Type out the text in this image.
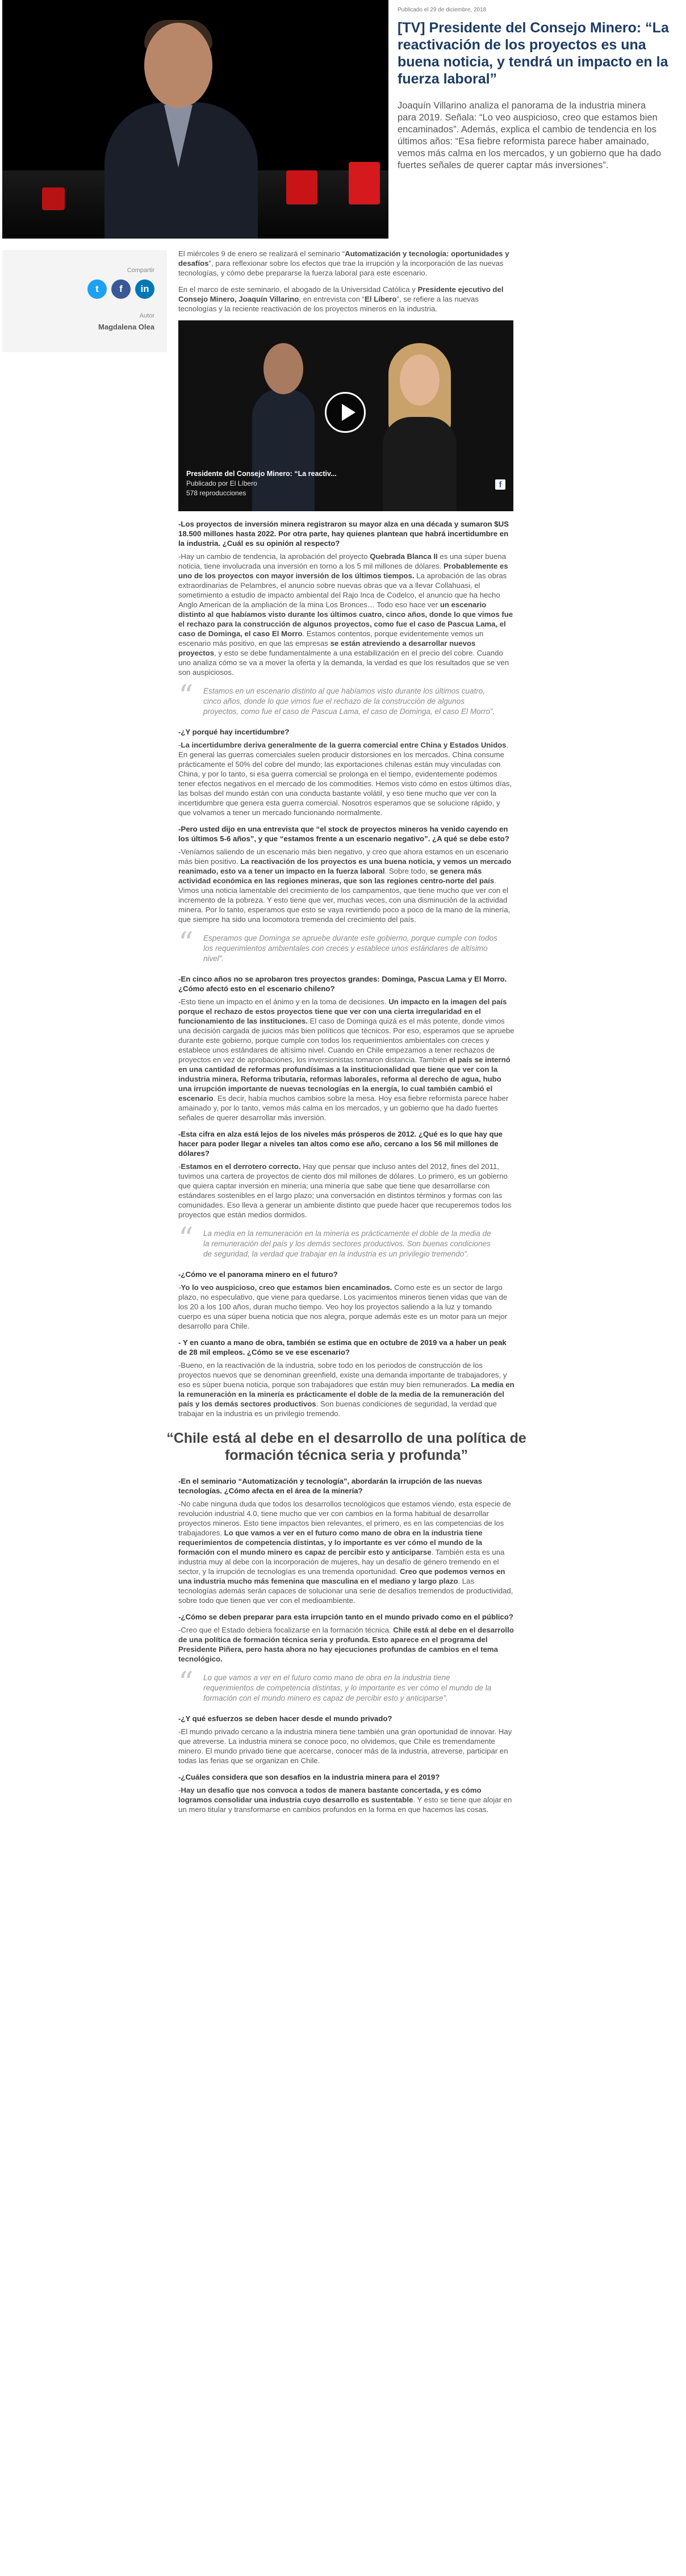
Publicado el 29 de diciembre, 2018
[TV] Presidente del Consejo Minero: “La reactivación de los proyectos es una buena noticia, y tendrá un impacto en la fuerza laboral”
Joaquín Villarino analiza el panorama de la industria minera para 2019. Señala: “Lo veo auspicioso, creo que estamos bien encaminados”. Además, explica el cambio de tendencia en los últimos años: “Esa fiebre reformista parece haber amainado, vemos más calma en los mercados, y un gobierno que ha dado fuertes señales de querer captar más inversiones”.
Compartir
t	f	in
Autor
Magdalena Olea

El miércoles 9 de enero se realizará el seminario “Automatización y tecnología: oportunidades y desafíos”, para reflexionar sobre los efectos que trae la irrupción y la incorporación de las nuevas tecnologías, y cómo debe prepararse la fuerza laboral para este escenario.

En el marco de este seminario, el abogado de la Universidad Católica y Presidente ejecutivo del Consejo Minero, Joaquín Villarino, en entrevista con “El Líbero”, se refiere a las nuevas tecnologías y la reciente reactivación de los proyectos mineros en la industria.

Presidente del Consejo Minero: “La reactiv...
Publicado por El Líbero
578 reproducciones
f

-Los proyectos de inversión minera registraron su mayor alza en una década y sumaron $US 18.500 millones hasta 2022. Por otra parte, hay quienes plantean que habrá incertidumbre en la industria. ¿Cuál es su opinión al respecto?

-Hay un cambio de tendencia, la aprobación del proyecto Quebrada Blanca II es una súper buena noticia, tiene involucrada una inversión en torno a los 5 mil millones de dólares. Probablemente es uno de los proyectos con mayor inversión de los últimos tiempos. La aprobación de las obras extraordinarias de Pelambres, el anuncio sobre nuevas obras que va a llevar Collahuasi, el sometimiento a estudio de impacto ambiental del Rajo Inca de Codelco, el anuncio que ha hecho Anglo American de la ampliación de la mina Los Bronces… Todo eso hace ver un escenario distinto al que habíamos visto durante los últimos cuatro, cinco años, donde lo que vimos fue el rechazo para la construcción de algunos proyectos, como fue el caso de Pascua Lama, el caso de Dominga, el caso El Morro. Estamos contentos, porque evidentemente vemos un escenario más positivo, en que las empresas se están atreviendo a desarrollar nuevos proyectos, y esto se debe fundamentalmente a una estabilización en el precio del cobre. Cuando uno analiza cómo se va a mover la oferta y la demanda, la verdad es que los resultados que se ven son auspiciosos.

“ Estamos en un escenario distinto al que habíamos visto durante los últimos cuatro, cinco años, donde lo que vimos fue el rechazo de la construcción de algunos proyectos, como fue el caso de Pascua Lama, el caso de Dominga, el caso El Morro”.

-¿Y porqué hay incertidumbre?

-La incertidumbre deriva generalmente de la guerra comercial entre China y Estados Unidos. En general las guerras comerciales suelen producir distorsiones en los mercados. China consume prácticamente el 50% del cobre del mundo; las exportaciones chilenas están muy vinculadas con China, y por lo tanto, si esa guerra comercial se prolonga en el tiempo, evidentemente podemos tener efectos negativos en el mercado de los commodities. Hemos visto cómo en estos últimos días, las bolsas del mundo están con una conducta bastante volátil, y eso tiene mucho que ver con la incertidumbre que genera esta guerra comercial. Nosotros esperamos que se solucione rápido, y que volvamos a tener un mercado funcionando normalmente.

-Pero usted dijo en una entrevista que “el stock de proyectos mineros ha venido cayendo en los últimos 5-6 años”, y que “estamos frente a un escenario negativo”. ¿A qué se debe esto?

-Veníamos saliendo de un escenario más bien negativo, y creo que ahora estamos en un escenario más bien positivo. La reactivación de los proyectos es una buena noticia, y vemos un mercado reanimado, esto va a tener un impacto en la fuerza laboral. Sobre todo, se genera más actividad económica en las regiones mineras, que son las regiones centro-norte del país. Vimos una noticia lamentable del crecimiento de los campamentos, que tiene mucho que ver con el incremento de la pobreza. Y esto tiene que ver, muchas veces, con una disminución de la actividad minera. Por lo tanto, esperamos que esto se vaya revirtiendo poco a poco de la mano de la minería, que siempre ha sido una locomotora tremenda del crecimiento del país.

“ Esperamos que Dominga se apruebe durante este gobierno, porque cumple con todos los requerimientos ambientales con creces y establece unos estándares de altísimo nivel”.

-En cinco años no se aprobaron tres proyectos grandes: Dominga, Pascua Lama y El Morro. ¿Cómo afectó esto en el escenario chileno?

-Esto tiene un impacto en el ánimo y en la toma de decisiones. Un impacto en la imagen del país porque el rechazo de estos proyectos tiene que ver con una cierta irregularidad en el funcionamiento de las instituciones. El caso de Dominga quizá es el más potente, donde vimos una decisión cargada de juicios más bien políticos que técnicos. Por eso, esperamos que se apruebe durante este gobierno, porque cumple con todos los requerimientos ambientales con creces y establece unos estándares de altísimo nivel. Cuando en Chile empezamos a tener rechazos de proyectos en vez de aprobaciones, los inversionistas tomaron distancia. También el país se internó en una cantidad de reformas profundísimas a la institucionalidad que tiene que ver con la industria minera. Reforma tributaria, reformas laborales, reforma al derecho de agua, hubo una irrupción importante de nuevas tecnologías en la energía, lo cual también cambió el escenario. Es decir, había muchos cambios sobre la mesa. Hoy esa fiebre reformista parece haber amainado y, por lo tanto, vemos más calma en los mercados, y un gobierno que ha dado fuertes señales de querer desarrollar más inversión.

-Esta cifra en alza está lejos de los niveles más prósperos de 2012. ¿Qué es lo que hay que hacer para poder llegar a niveles tan altos como ese año, cercano a los 56 mil millones de dólares?

-Estamos en el derrotero correcto. Hay que pensar que incluso antes del 2012, fines del 2011, tuvimos una cartera de proyectos de ciento dos mil millones de dólares. Lo primero, es un gobierno que quiera captar inversión en minería; una minería que sabe que tiene que desarrollarse con estándares sostenibles en el largo plazo; una conversación en distintos términos y formas con las comunidades. Eso lleva a generar un ambiente distinto que puede hacer que recuperemos todos los proyectos que están medios dormidos.

“ La media en la remuneración en la minería es prácticamente el doble de la media de la remuneración del país y los demás sectores productivos. Son buenas condiciones de seguridad, la verdad que trabajar en la industria es un privilegio tremendo”.

-¿Cómo ve el panorama minero en el futuro?

-Yo lo veo auspicioso, creo que estamos bien encaminados. Como este es un sector de largo plazo, no especulativo, que viene para quedarse. Los yacimientos mineros tienen vidas que van de los 20 a los 100 años, duran mucho tiempo. Veo hoy los proyectos saliendo a la luz y tomando cuerpo es una súper buena noticia que nos alegra, porque además este es un motor para un mejor desarrollo para Chile.

- Y en cuanto a mano de obra, también se estima que en octubre de 2019 va a haber un peak de 28 mil empleos. ¿Cómo se ve ese escenario?

-Bueno, en la reactivación de la industria, sobre todo en los periodos de construcción de los proyectos nuevos que se denominan greenfield, existe una demanda importante de trabajadores, y eso es súper buena noticia, porque son trabajadores que están muy bien remunerados. La media en la remuneración en la minería es prácticamente el doble de la media de la remuneración del país y los demás sectores productivos. Son buenas condiciones de seguridad, la verdad que trabajar en la industria es un privilegio tremendo.

“Chile está al debe en el desarrollo de una política de formación técnica seria y profunda”

-En el seminario “Automatización y tecnología”, abordarán la irrupción de las nuevas tecnologías. ¿Cómo afecta en el área de la minería?

-No cabe ninguna duda que todos los desarrollos tecnológicos que estamos viendo, esta especie de revolución industrial 4.0, tiene mucho que ver con cambios en la forma habitual de desarrollar proyectos mineros. Esto tiene impactos bien relevantes, el primero, es en las competencias de los trabajadores. Lo que vamos a ver en el futuro como mano de obra en la industria tiene requerimientos de competencia distintas, y lo importante es ver cómo el mundo de la formación con el mundo minero es capaz de percibir esto y anticiparse. También esta es una industria muy al debe con la incorporación de mujeres, hay un desafío de género tremendo en el sector, y la irrupción de tecnologías es una tremenda oportunidad. Creo que podemos vernos en una industria mucho más femenina que masculina en el mediano y largo plazo. Las tecnologías además serán capaces de solucionar una serie de desafíos tremendos de productividad, sobre todo que tienen que ver con el medioambiente.

-¿Cómo se deben preparar para esta irrupción tanto en el mundo privado como en el público?

-Creo que el Estado debiera focalizarse en la formación técnica. Chile está al debe en el desarrollo de una política de formación técnica seria y profunda. Esto aparece en el programa del Presidente Piñera, pero hasta ahora no hay ejecuciones profundas de cambios en el tema tecnológico.

“ Lo que vamos a ver en el futuro como mano de obra en la industria tiene requerimientos de competencia distintas, y lo importante es ver cómo el mundo de la formación con el mundo minero es capaz de percibir esto y anticiparse”.

-¿Y qué esfuerzos se deben hacer desde el mundo privado?

-El mundo privado cercano a la industria minera tiene también una gran oportunidad de innovar. Hay que atreverse. La industria minera se conoce poco, no olvidemos, que Chile es tremendamente minero. El mundo privado tiene que acercarse, conocer más de la industria, atreverse, participar en todas las ferias que se organizan en Chile.

-¿Cuáles considera que son desafíos en la industria minera para el 2019?

-Hay un desafío que nos convoca a todos de manera bastante concertada, y es cómo logramos consolidar una industria cuyo desarrollo es sustentable. Y esto se tiene que alojar en un mero titular y transformarse en cambios profundos en la forma en que hacemos las cosas.
